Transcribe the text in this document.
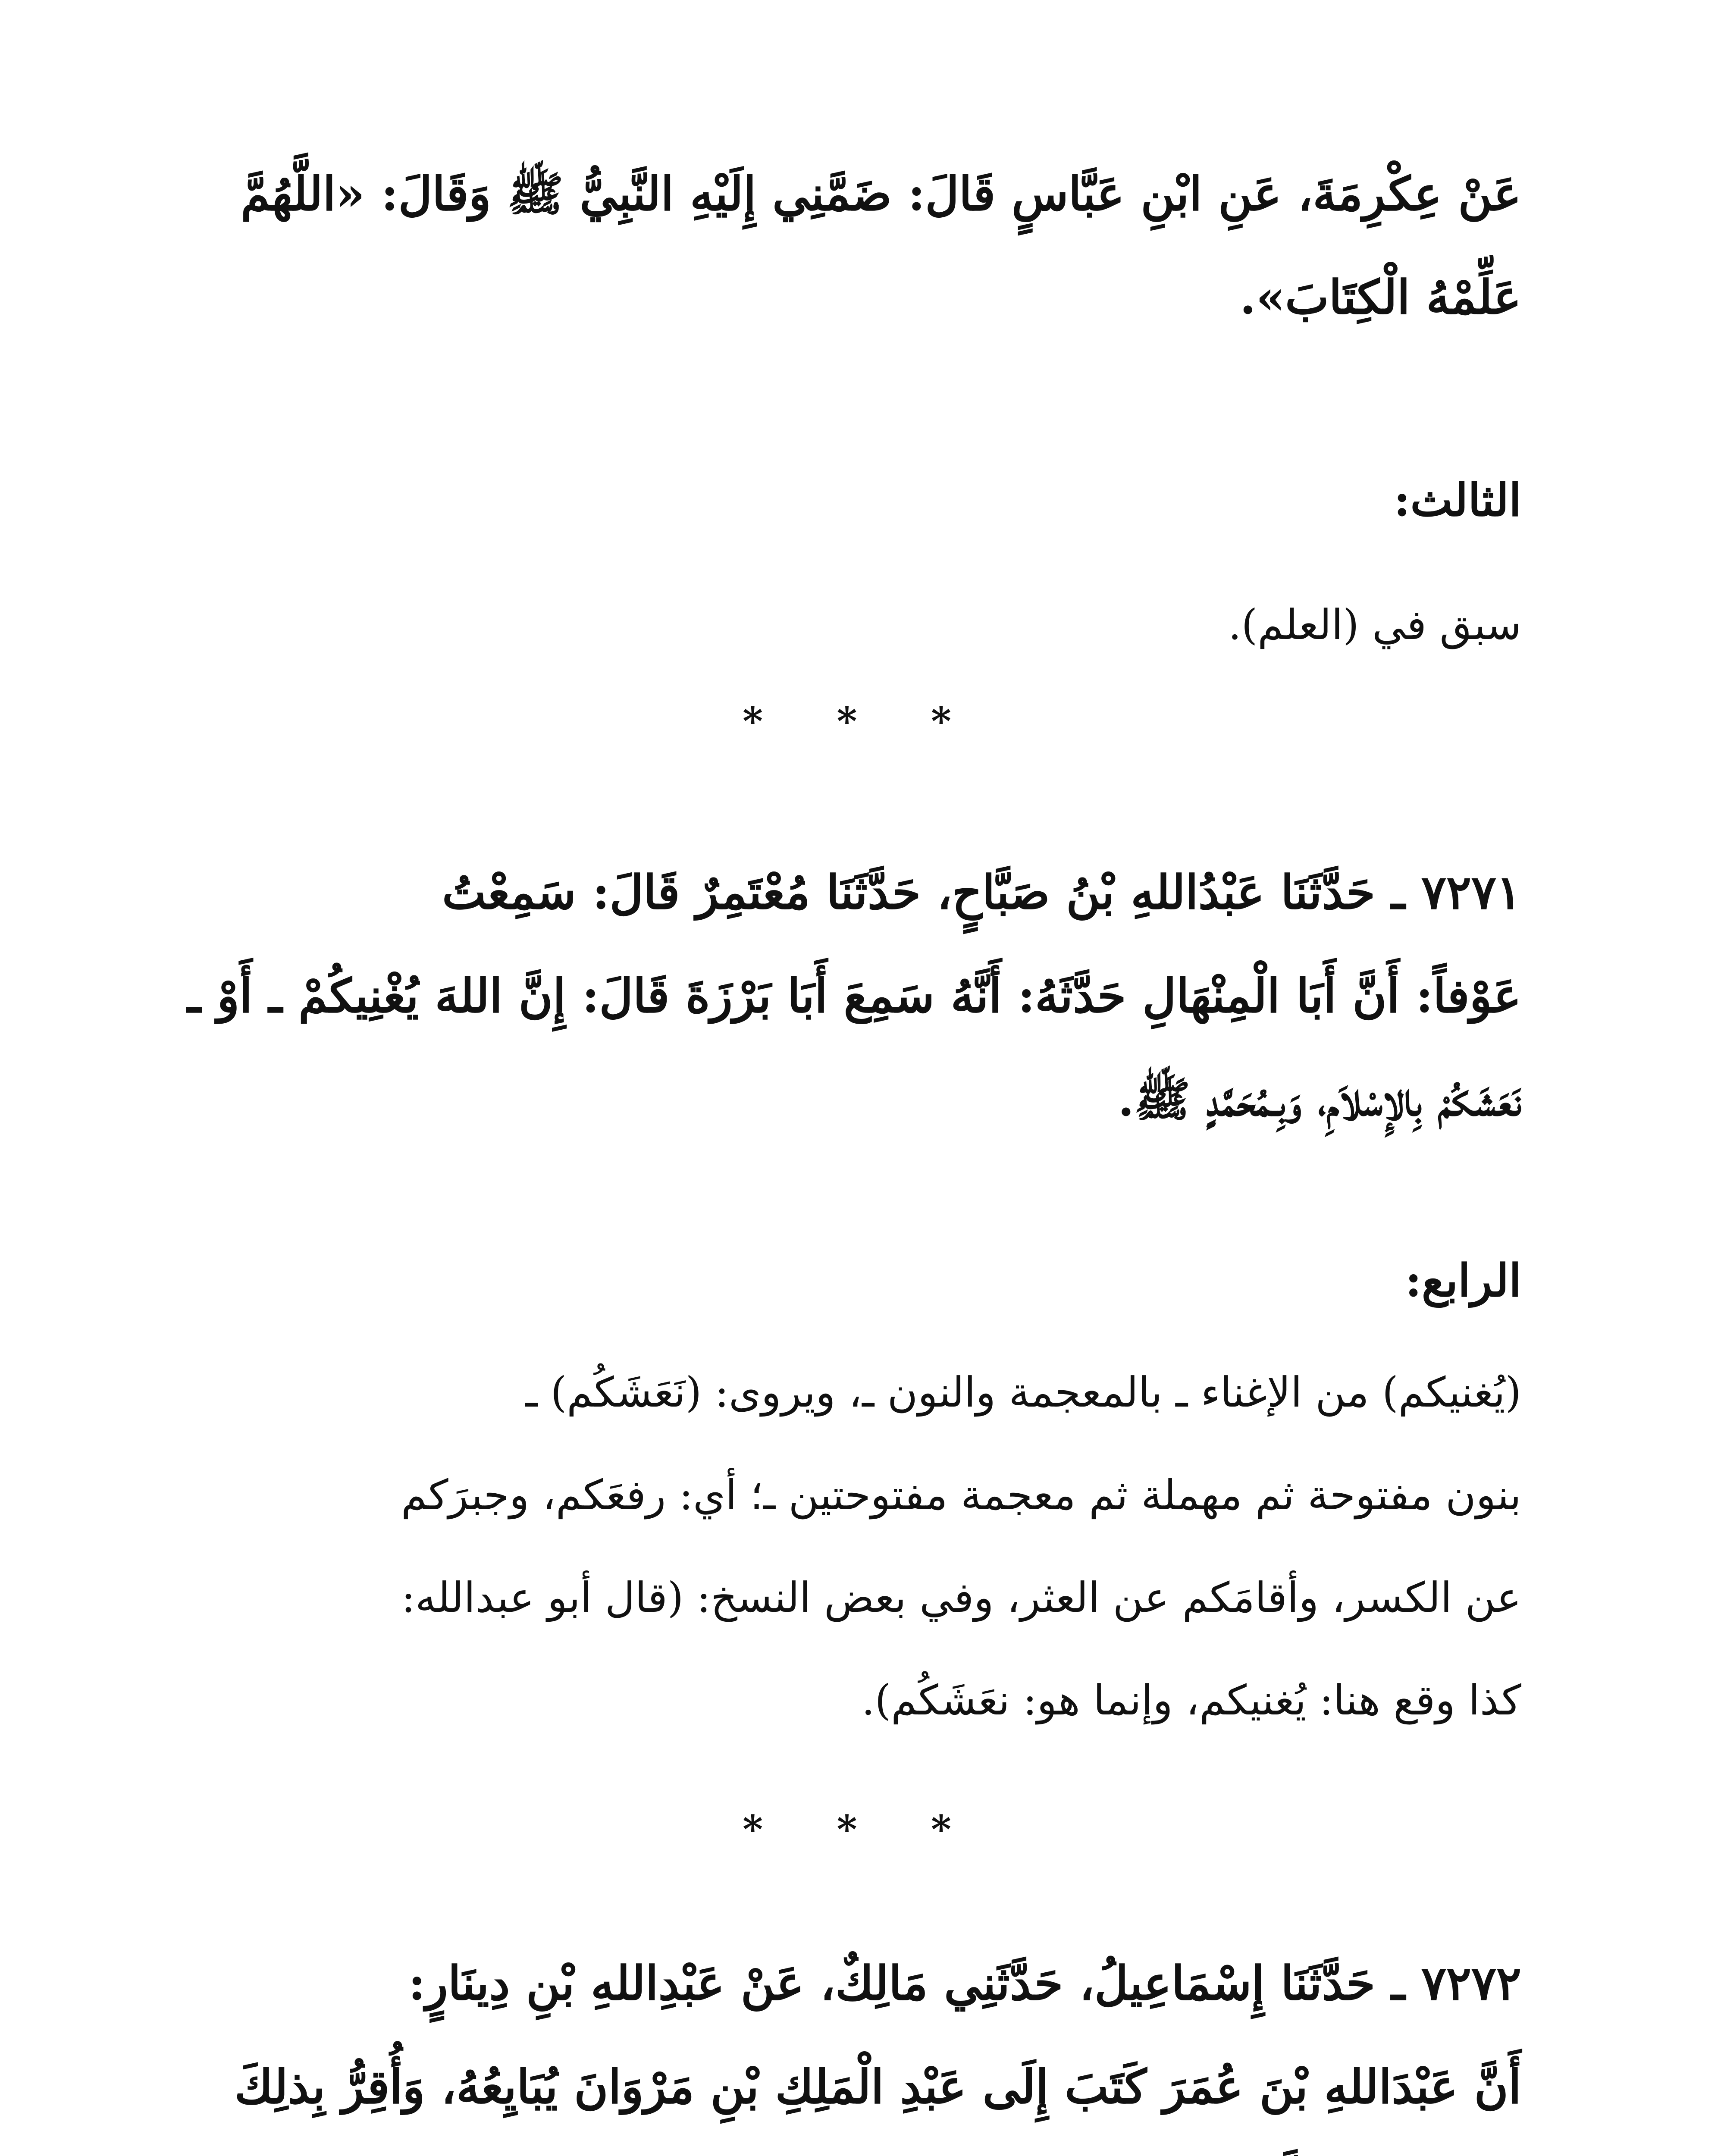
عَنْ عِكْرِمَةَ، عَنِ ابْنِ عَبَّاسٍ قَالَ: ضَمَّنِي إِلَيْهِ النَّبِيُّ ﷺ وَقَالَ: «اللَّهُمَّ
عَلِّمْهُ الْكِتَابَ».
الثالث:
سبق في (العلم).
* * *
٧٢٧١ ـ حَدَّثَنَا عَبْدُاللهِ بْنُ صَبَّاحٍ، حَدَّثَنَا مُعْتَمِرٌ قَالَ: سَمِعْتُ
عَوْفاً: أَنَّ أَبَا الْمِنْهَالِ حَدَّثَهُ: أَنَّهُ سَمِعَ أَبَا بَرْزَةَ قَالَ: إِنَّ اللهَ يُغْنِيكُمْ ـ أَوْ ـ
نَعَشَكُمْ بِالإِسْلاَمِ، وَبِـمُحَمَّدٍ ﷺ.
الرابع:
(يُغنيكم) من الإغناء ـ بالمعجمة والنون ـ، ويروى: (نَعَشَكُم) ـ
بنون مفتوحة ثم مهملة ثم معجمة مفتوحتين ـ؛ أي: رفعَكم، وجبرَكم
عن الكسر، وأقامَكم عن العثر، وفي بعض النسخ: (قال أبو عبدالله:
كذا وقع هنا: يُغنيكم، وإنما هو: نعَشَكُم).
* * *
٧٢٧٢ ـ حَدَّثَنَا إِسْمَاعِيلُ، حَدَّثَنِي مَالِكٌ، عَنْ عَبْدِاللهِ بْنِ دِينَارٍ:
أَنَّ عَبْدَاللهِ بْنَ عُمَرَ كَتَبَ إِلَى عَبْدِ الْمَلِكِ بْنِ مَرْوَانَ يُبَايِعُهُ، وَأُقِرُّ بِذلِكَ
